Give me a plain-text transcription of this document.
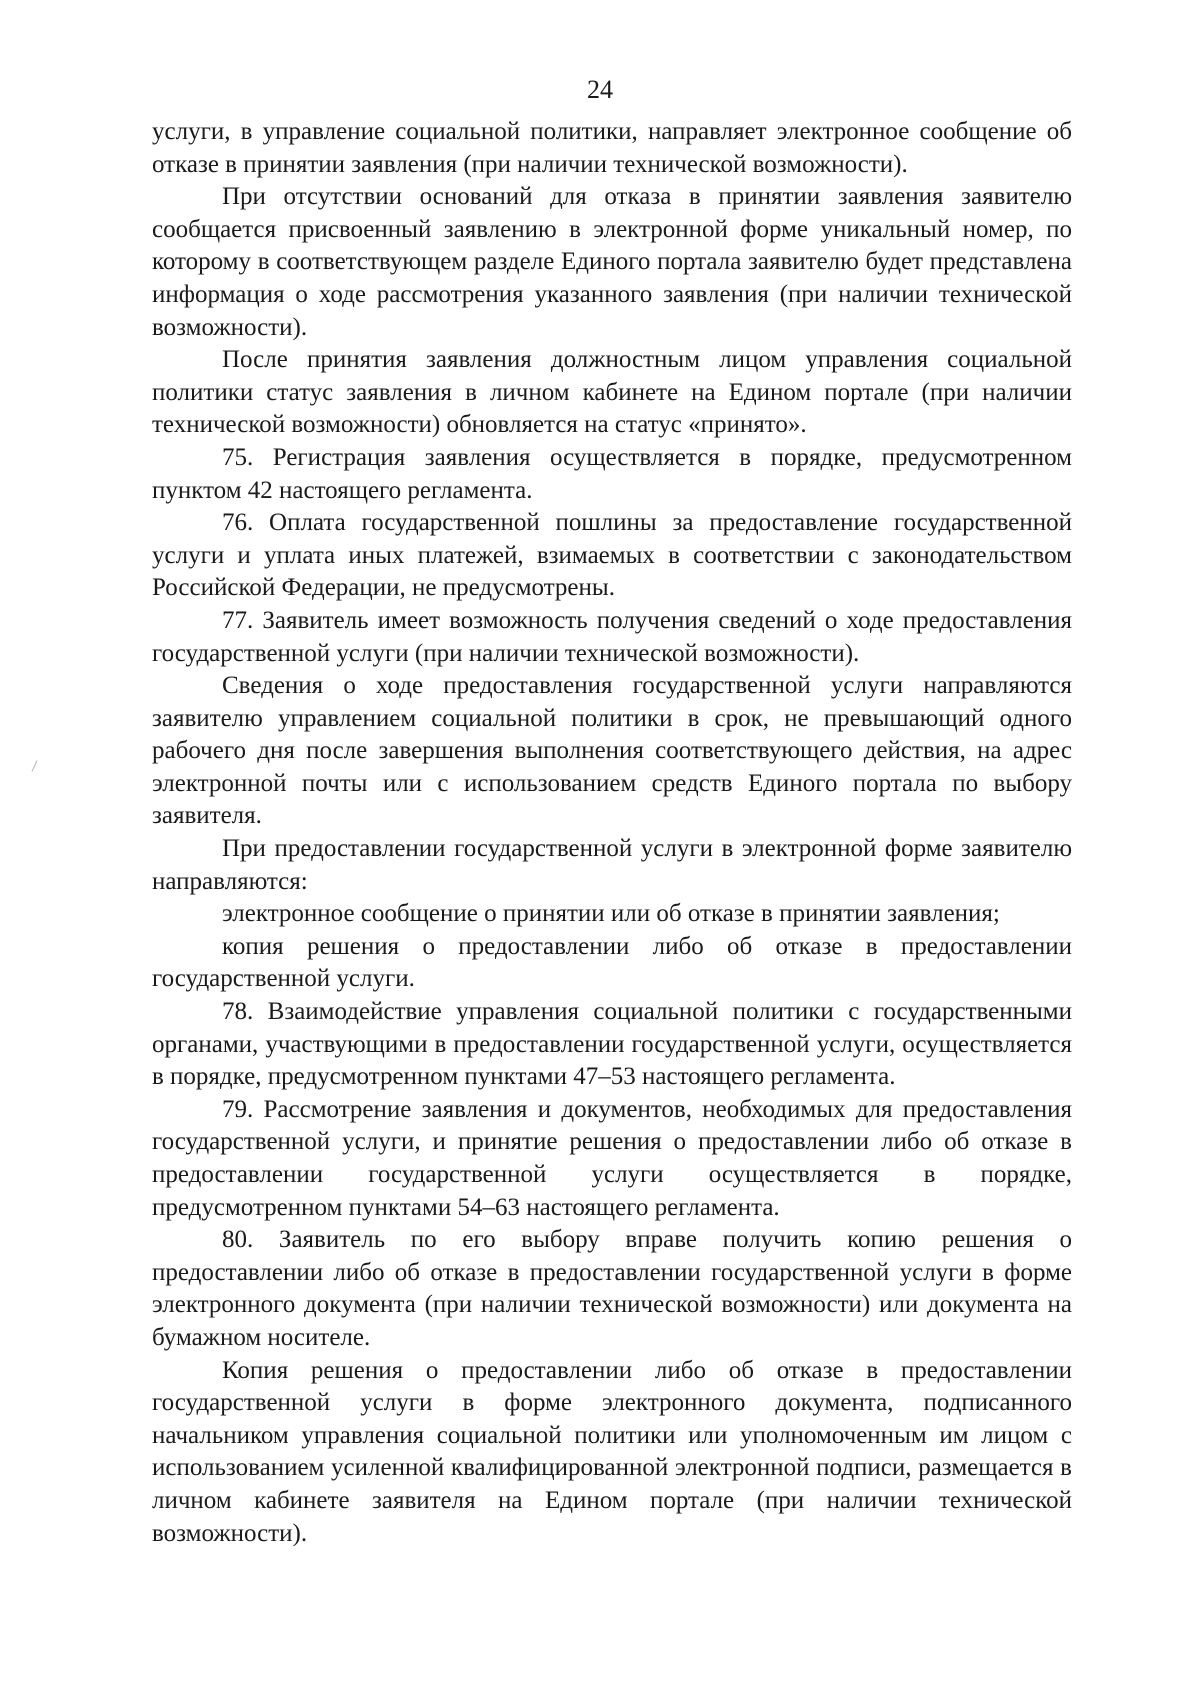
24

услуги, в управление социальной политики, направляет электронное сообщение об отказе в принятии заявления (при наличии технической возможности).

При отсутствии оснований для отказа в принятии заявления заявителю сообщается присвоенный заявлению в электронной форме уникальный номер, по которому в соответствующем разделе Единого портала заявителю будет представлена информация о ходе рассмотрения указанного заявления (при наличии технической возможности).

После принятия заявления должностным лицом управления социальной политики статус заявления в личном кабинете на Едином портале (при наличии технической возможности) обновляется на статус «принято».

75. Регистрация заявления осуществляется в порядке, предусмотренном пунктом 42 настоящего регламента.

76. Оплата государственной пошлины за предоставление государственной услуги и уплата иных платежей, взимаемых в соответствии с законодательством Российской Федерации, не предусмотрены.

77. Заявитель имеет возможность получения сведений о ходе предоставления государственной услуги (при наличии технической возможности).

Сведения о ходе предоставления государственной услуги направляются заявителю управлением социальной политики в срок, не превышающий одного рабочего дня после завершения выполнения соответствующего действия, на адрес электронной почты или с использованием средств Единого портала по выбору заявителя.

При предоставлении государственной услуги в электронной форме заявителю направляются:

электронное сообщение о принятии или об отказе в принятии заявления;

копия решения о предоставлении либо об отказе в предоставлении государственной услуги.

78. Взаимодействие управления социальной политики с государственными органами, участвующими в предоставлении государственной услуги, осуществляется в порядке, предусмотренном пунктами 47–53 настоящего регламента.

79. Рассмотрение заявления и документов, необходимых для предоставления государственной услуги, и принятие решения о предоставлении либо об отказе в предоставлении государственной услуги осуществляется в порядке, предусмотренном пунктами 54–63 настоящего регламента.

80. Заявитель по его выбору вправе получить копию решения о предоставлении либо об отказе в предоставлении государственной услуги в форме электронного документа (при наличии технической возможности) или документа на бумажном носителе.

Копия решения о предоставлении либо об отказе в предоставлении государственной услуги в форме электронного документа, подписанного начальником управления социальной политики или уполномоченным им лицом с использованием усиленной квалифицированной электронной подписи, размещается в личном кабинете заявителя на Едином портале (при наличии технической возможности).
